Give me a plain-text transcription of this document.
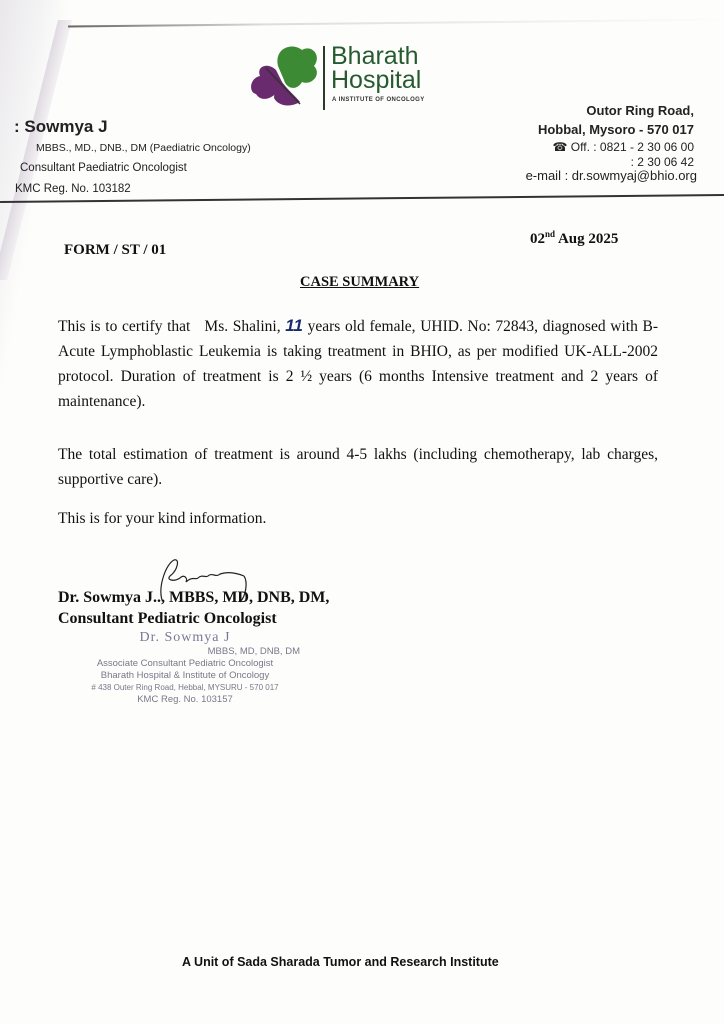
Bharath
Hospital
A INSTITUTE OF ONCOLOGY
: Sowmya J
MBBS., MD., DNB., DM (Paediatric Oncology)
Consultant Paediatric Oncologist
KMC Reg. No. 103182
Outor Ring Road,
Hobbal, Mysoro - 570 017
☎ Off. : 0821 - 2 30 06 00
: 2 30 06 42
e-mail : dr.sowmyaj@bhio.org
FORM / ST / 01
02nd Aug 2025
CASE SUMMARY
This is to certify that   Ms. Shalini, 11 years old female, UHID. No: 72843, diagnosed with B-Acute Lymphoblastic Leukemia is taking treatment in BHIO, as per modified UK-ALL-2002 protocol. Duration of treatment is 2 ½ years (6 months Intensive treatment and 2 years of maintenance).
The total estimation of treatment is around 4-5 lakhs (including chemotherapy, lab charges, supportive care).
This is for your kind information.
Dr. Sowmya J.., MBBS, MD, DNB, DM,
Consultant Pediatric Oncologist
Dr. Sowmya J
MBBS, MD, DNB, DM
Associate Consultant Pediatric Oncologist
Bharath Hospital & Institute of Oncology
# 438 Outer Ring Road, Hebbal, MYSURU - 570 017
KMC Reg. No. 103157
A Unit of Sada Sharada Tumor and Research Institute
